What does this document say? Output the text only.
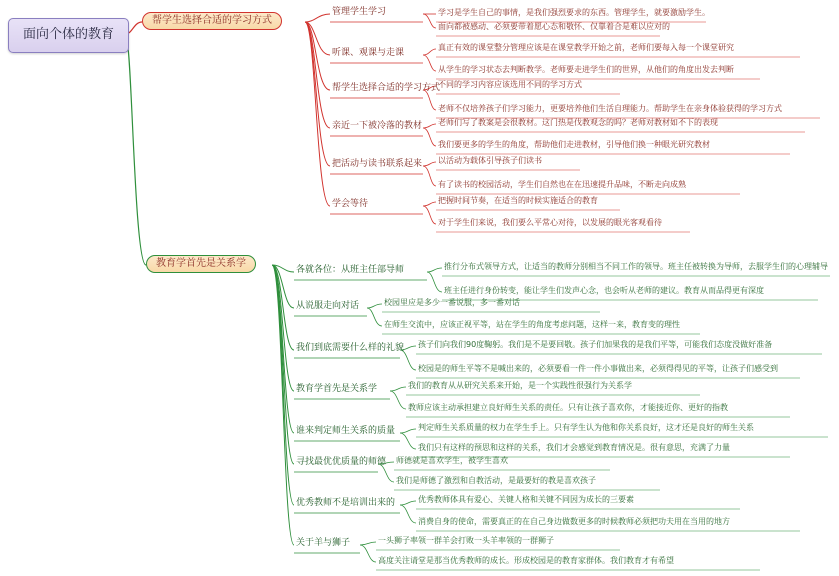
面向个体的教育
帮学生选择合适的学习方式
管理学生学习	学习是学生自己的事情，是我们强烈要求的东西。管理学生，就要激励学生。
面向都被感动、必须要带着愿心态和敬怀、仅靠着合是难以应对的
听课、观课与走课
真正有效的课堂整分管理应该是在课堂教学开始之前，老师们要每入每一个课堂研究
从学生的学习状态去判断教学。老师要走进学生们的世界，从他们的角度出发去判断
帮学生选择合适的学习方式
不同的学习内容应该选用不同的学习方式
老师不仅培养孩子们学习能力，更要培养他们生活自理能力。帮助学生在亲身体验获得的学习方式
亲近一下被冷落的教材 老师们写了教案是会很教材。这门热是伐教观念的吗？老师对教材如不下的表现
我们要更多的学生的角度，帮助他们走进教材，引导他们换一种眼光研究教材
把活动与读书联系起来 以活动为载体引导孩子们读书
有了读书的校园活动，学生们自然也在在迅速提升品味，不断走向成熟
学会等待	把握时间节奏，在适当的时候实施适合的教育
对于学生们来说，我们要么平常心对待，以发展的眼光客观看待
教育学首先是关系学
各就各位：从班主任部导师	推行分布式领导方式，让适当的教师分别相当不同工作的领导。班主任被转换为导师，去服学生们的心理辅导
班主任进行身份转变，能让学生们发声心念，也会听从老师的建议。教育从而品得更有深度
从说服走向对话	校园里应是多少一番说服，多一番对话
在师生交流中，应该正视平等，站在学生的角度考虑问题，这样一来，教育变的理性
我们到底需要什么样的礼貌 孩子们向我们90度鞠躬。我们是不是要回敬。孩子们加果我的是我们平等，可能我们态度没做好准备
校园是的师生平等不是喊出来的，必须要看一件一件小事做出来，必须得得见的平等，让孩子们感受到
教育学首先是关系学	我们的教育从从研究关系来开始，是一个实践性很强行为关系学
教师应该主动承担建立良好师生关系的责任。只有让孩子喜欢你，才能接近你、更好的指教
谁来判定师生关系的质量	判定师生关系质量的权力在学生手上。只有学生认为他和你关系良好，这才还是良好的师生关系
我们只有这样的预思和这样的关系，我们才会感觉到教育情况是。很有意思，充满了力量
寻找最优优质量的师德 师德就是喜欢学生，被学生喜欢
我们是师德了激烈和自教活动，是最要好的教是喜欢孩子
优秀教师不是培训出来的	优秀教师体具有爱心、关键人格和关键不同因为成长的三要素
消费自身的使命，需要真正的在自己身边做数更多的时候教师必须把功夫用在当用的地方
关于羊与狮子	一头狮子率领一群羊会打败一头羊率领的一群狮子
高度关注请堂是那当优秀教师的成长。形成校园是的教育家群体。我们教育才有希望
